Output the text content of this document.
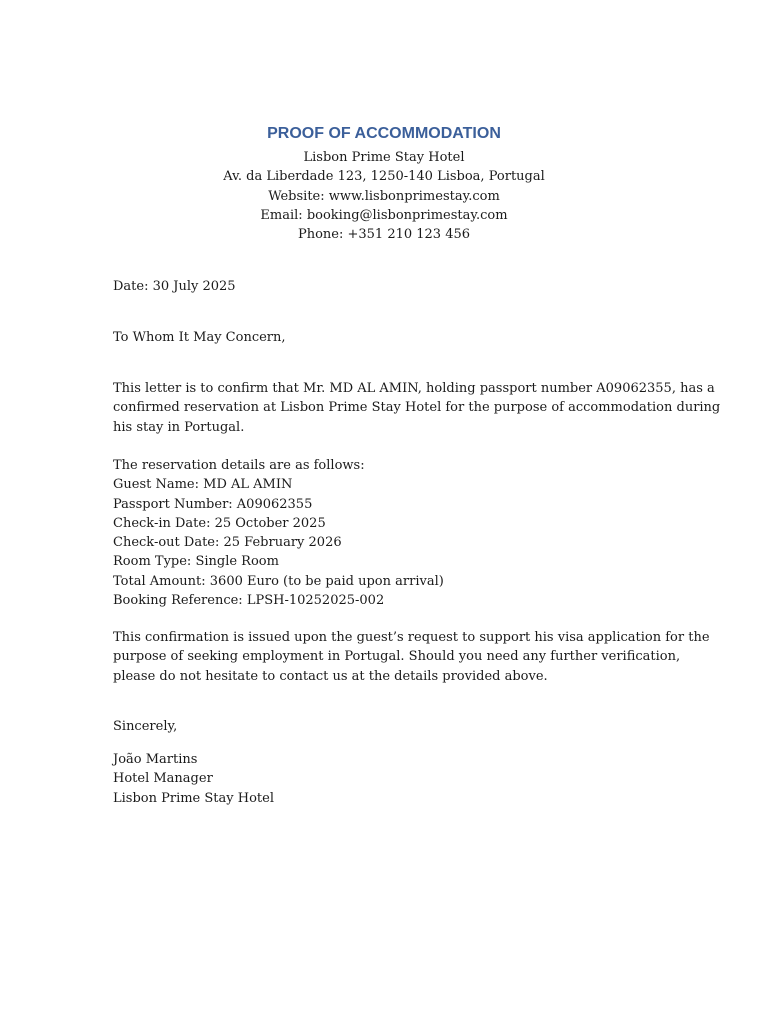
PROOF OF ACCOMMODATION
Lisbon Prime Stay Hotel
Av. da Liberdade 123, 1250-140 Lisboa, Portugal
Website: www.lisbonprimestay.com
Email: booking@lisbonprimestay.com
Phone: +351 210 123 456
Date: 30 July 2025
To Whom It May Concern,
This letter is to confirm that Mr. MD AL AMIN, holding passport number A09062355, has a
confirmed reservation at Lisbon Prime Stay Hotel for the purpose of accommodation during
his stay in Portugal.
The reservation details are as follows:
Guest Name: MD AL AMIN
Passport Number: A09062355
Check-in Date: 25 October 2025
Check-out Date: 25 February 2026
Room Type: Single Room
Total Amount: 3600 Euro (to be paid upon arrival)
Booking Reference: LPSH-10252025-002
This confirmation is issued upon the guest’s request to support his visa application for the
purpose of seeking employment in Portugal. Should you need any further verification,
please do not hesitate to contact us at the details provided above.
Sincerely,
João Martins
Hotel Manager
Lisbon Prime Stay Hotel
